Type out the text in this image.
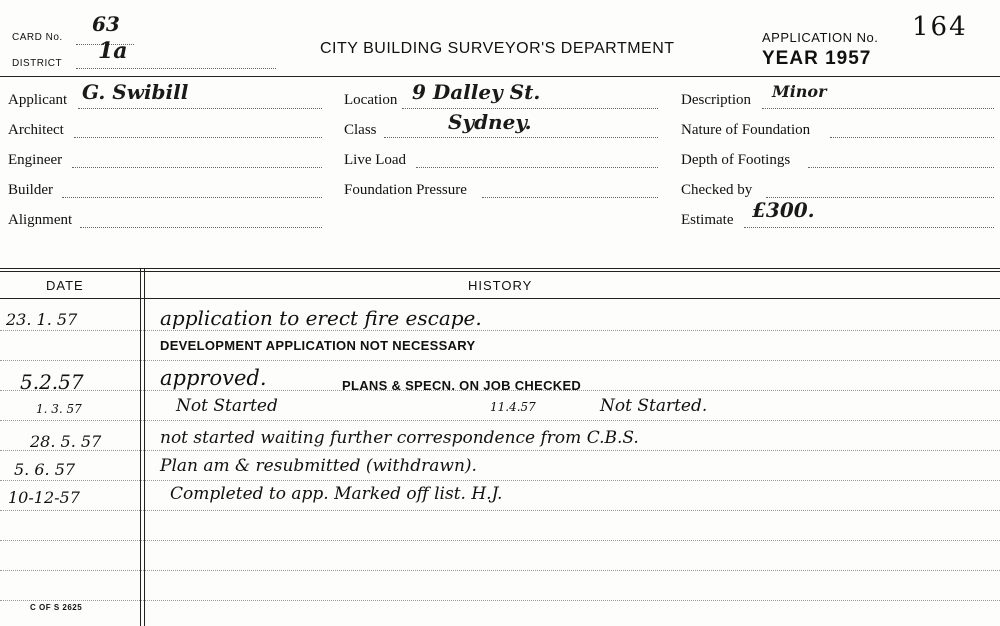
CARD No.
63
DISTRICT 1a	CITY BUILDING SURVEYOR'S DEPARTMENT
APPLICATION No. 164
YEAR 1957
Applicant G. Swibill
Architect
Engineer
Builder
Alignment
Location 9 Dalley St.
Class	Sydney.
Live Load
Foundation Pressure
Description Minor
Nature of Foundation
Depth of Footings
Checked by
Estimate £300.
DATE	HISTORY
23. 1. 57	application to erect fire escape.
DEVELOPMENT APPLICATION NOT NECESSARY
5.2.57	approved.	PLANS & SPECN. ON JOB CHECKED
1. 3. 57	Not Started	11.4.57	Not Started.
28. 5. 57	not started waiting further correspondence from C.B.S.
5. 6. 57	Plan am & resubmitted (withdrawn).
10-12-57	Completed to app. Marked off list. H.J.
C OF S 2625
